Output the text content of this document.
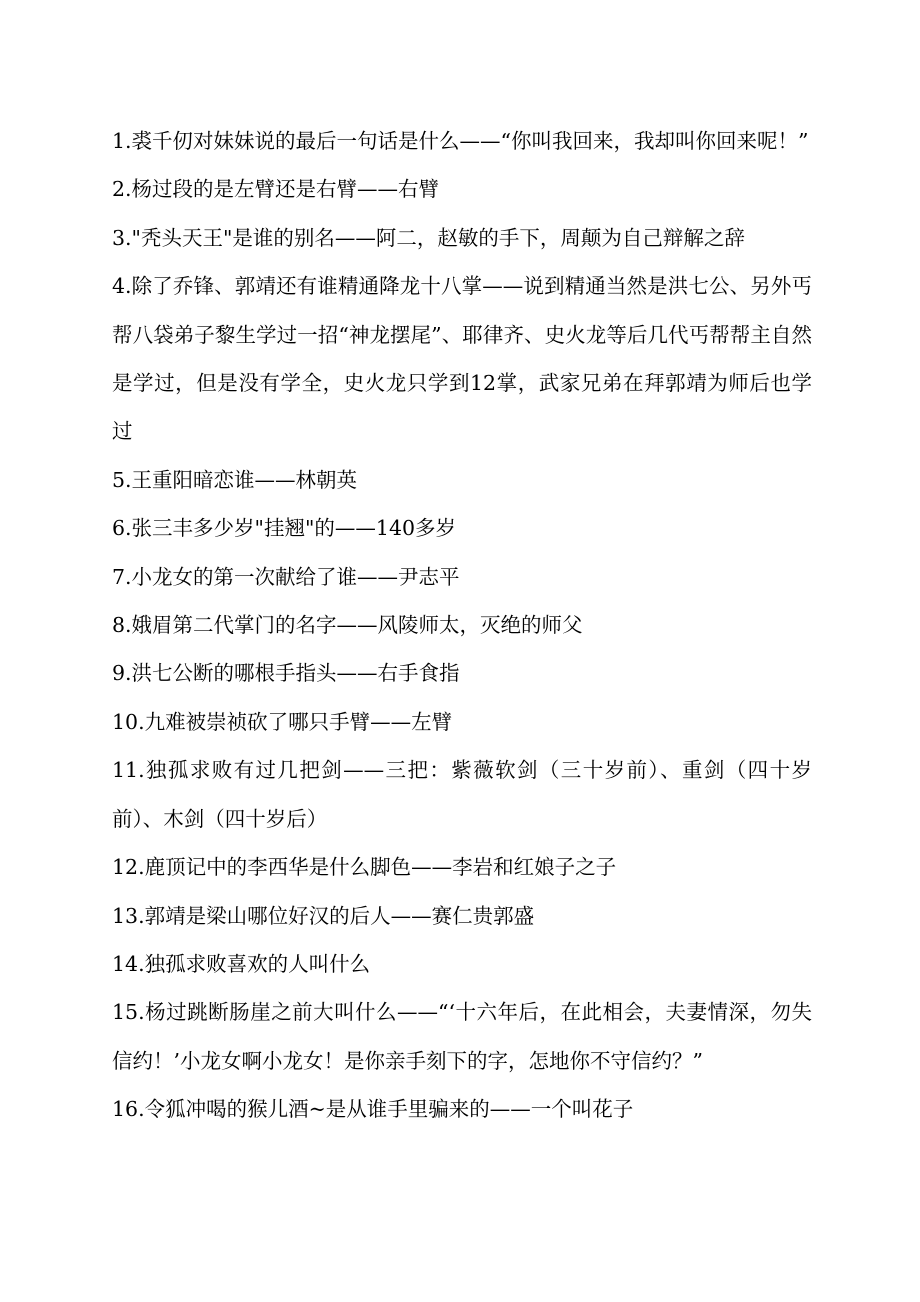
1.裘千仞对妹妹说的最后一句话是什么——“你叫我回来，我却叫你回来呢！”

2.杨过段的是左臂还是右臂——右臂

3."秃头天王"是谁的别名——阿二，赵敏的手下，周颠为自己辩解之辞

4.除了乔锋、郭靖还有谁精通降龙十八掌——说到精通当然是洪七公、另外丐帮八袋弟子黎生学过一招“神龙摆尾”、耶律齐、史火龙等后几代丐帮帮主自然是学过，但是没有学全，史火龙只学到12掌，武家兄弟在拜郭靖为师后也学过

5.王重阳暗恋谁——林朝英

6.张三丰多少岁"挂翘"的——140多岁

7.小龙女的第一次献给了谁——尹志平

8.娥眉第二代掌门的名字——风陵师太，灭绝的师父

9.洪七公断的哪根手指头——右手食指

10.九难被崇祯砍了哪只手臂——左臂

11.独孤求败有过几把剑——三把：紫薇软剑（三十岁前）、重剑（四十岁前）、木剑（四十岁后）

12.鹿顶记中的李西华是什么脚色——李岩和红娘子之子

13.郭靖是梁山哪位好汉的后人——赛仁贵郭盛

14.独孤求败喜欢的人叫什么

15.杨过跳断肠崖之前大叫什么——“‘十六年后，在此相会，夫妻情深，勿失信约！’小龙女啊小龙女！是你亲手刻下的字，怎地你不守信约？”

16.令狐冲喝的猴儿酒~是从谁手里骗来的——一个叫花子
